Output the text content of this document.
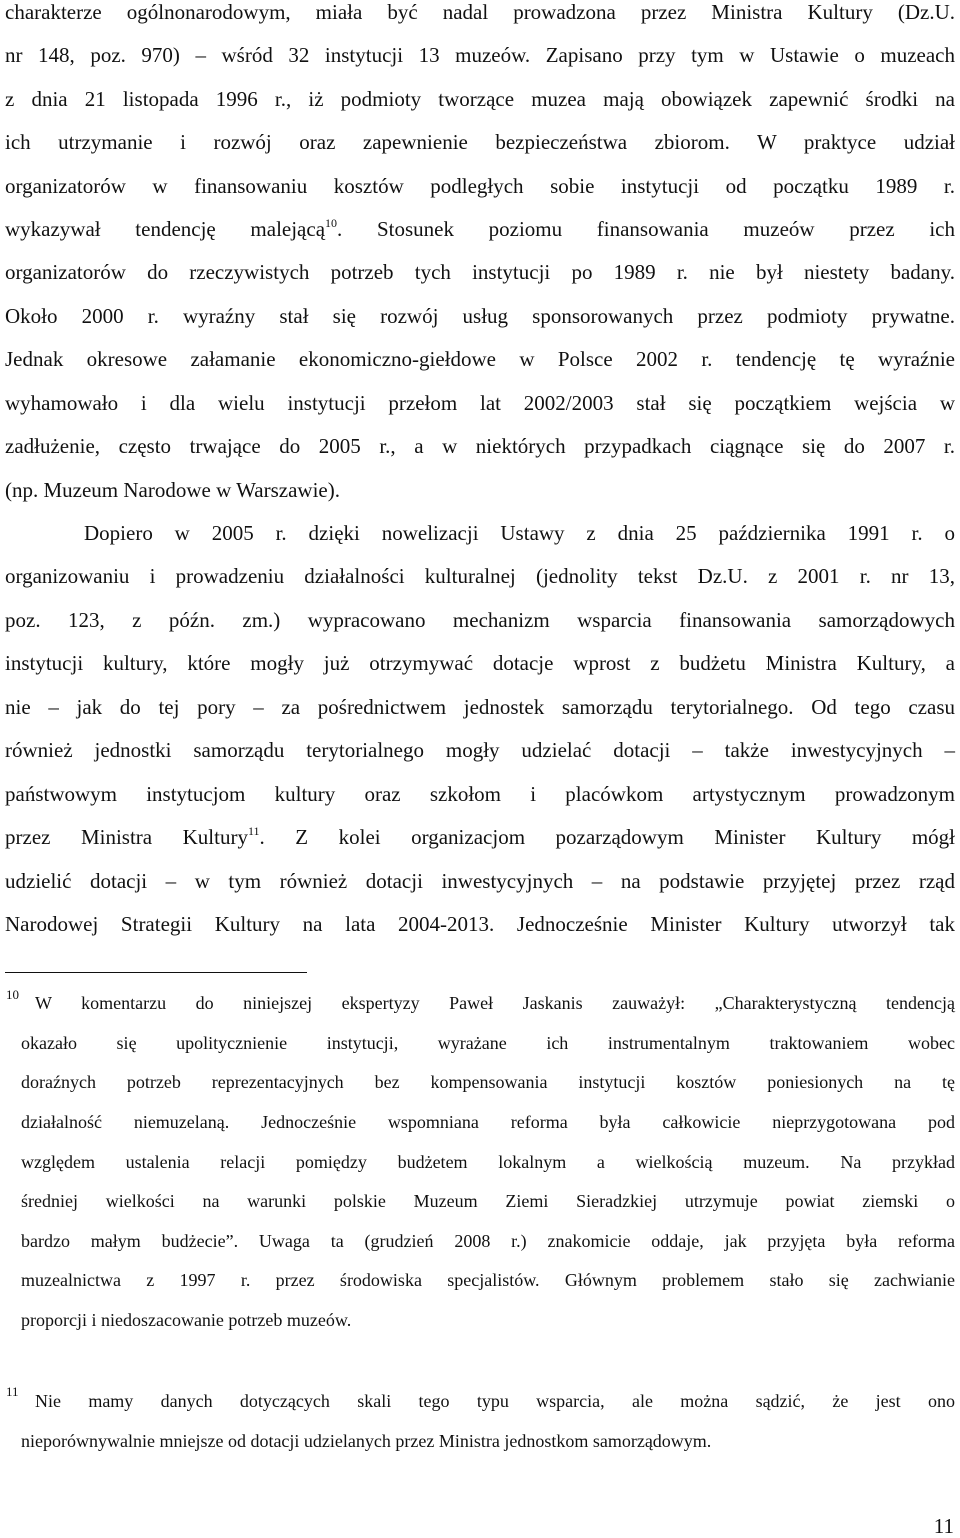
charakterze ogólnonarodowym, miała być nadal prowadzona przez Ministra Kultury (Dz.U.

nr 148, poz. 970) – wśród 32 instytucji 13 muzeów. Zapisano przy tym w Ustawie o muzeach

z dnia 21 listopada 1996 r., iż podmioty tworzące muzea mają obowiązek zapewnić środki na

ich utrzymanie i rozwój oraz zapewnienie bezpieczeństwa zbiorom. W praktyce udział

organizatorów w finansowaniu kosztów podległych sobie instytucji od początku 1989 r.

wykazywał tendencję malejącą$^{10}$. Stosunek poziomu finansowania muzeów przez ich

organizatorów do rzeczywistych potrzeb tych instytucji po 1989 r. nie był niestety badany.

Około 2000 r. wyraźny stał się rozwój usług sponsorowanych przez podmioty prywatne.

Jednak okresowe załamanie ekonomiczno-giełdowe w Polsce 2002 r. tendencję tę wyraźnie

wyhamowało i dla wielu instytucji przełom lat 2002/2003 stał się początkiem wejścia w

zadłużenie, często trwające do 2005 r., a w niektórych przypadkach ciągnące się do 2007 r.

(np. Muzeum Narodowe w Warszawie).

Dopiero w 2005 r. dzięki nowelizacji Ustawy z dnia 25 października 1991 r. o

organizowaniu i prowadzeniu działalności kulturalnej (jednolity tekst Dz.U. z 2001 r. nr 13,

poz. 123, z późn. zm.) wypracowano mechanizm wsparcia finansowania samorządowych

instytucji kultury, które mogły już otrzymywać dotacje wprost z budżetu Ministra Kultury, a

nie – jak do tej pory – za pośrednictwem jednostek samorządu terytorialnego. Od tego czasu

również jednostki samorządu terytorialnego mogły udzielać dotacji – także inwestycyjnych –

państwowym instytucjom kultury oraz szkołom i placówkom artystycznym prowadzonym

przez Ministra Kultury$^{11}$. Z kolei organizacjom pozarządowym Minister Kultury mógł

udzielić dotacji – w tym również dotacji inwestycyjnych – na podstawie przyjętej przez rząd

Narodowej Strategii Kultury na lata 2004-2013. Jednocześnie Minister Kultury utworzył tak

10 W komentarzu do niniejszej ekspertyzy Paweł Jaskanis zauważył: „Charakterystyczną tendencją

okazało się upolitycznienie instytucji, wyrażane ich instrumentalnym traktowaniem wobec

doraźnych potrzeb reprezentacyjnych bez kompensowania instytucji kosztów poniesionych na tę

działalność niemuzelaną. Jednocześnie wspomniana reforma była całkowicie nieprzygotowana pod

względem ustalenia relacji pomiędzy budżetem lokalnym a wielkością muzeum. Na przykład

średniej wielkości na warunki polskie Muzeum Ziemi Sieradzkiej utrzymuje powiat ziemski o

bardzo małym budżecie”. Uwaga ta (grudzień 2008 r.) znakomicie oddaje, jak przyjęta była reforma

muzealnictwa z 1997 r. przez środowiska specjalistów. Głównym problemem stało się zachwianie

proporcji i niedoszacowanie potrzeb muzeów.

11 Nie mamy danych dotyczących skali tego typu wsparcia, ale można sądzić, że jest ono

nieporównywalnie mniejsze od dotacji udzielanych przez Ministra jednostkom samorządowym.

11
